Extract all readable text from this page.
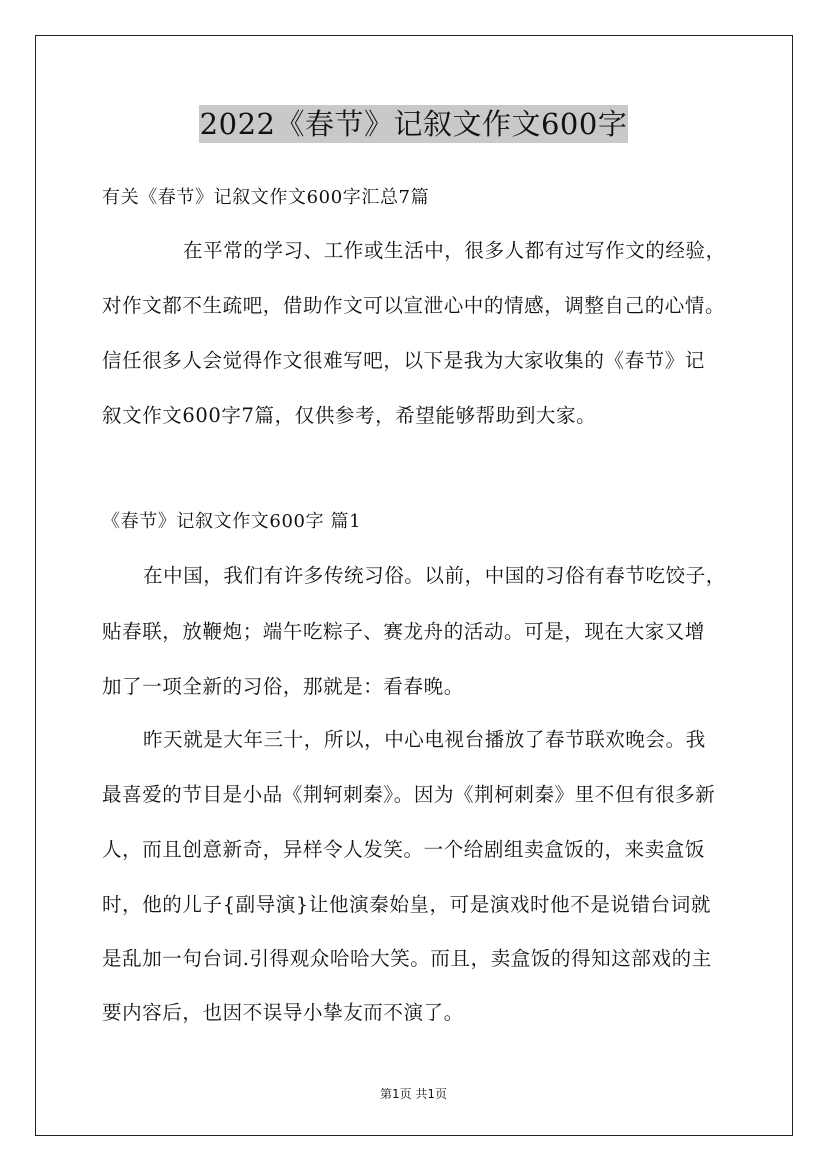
2022《春节》记叙文作文600字
有关《春节》记叙文作文600字汇总7篇
在平常的学习、工作或生活中，很多人都有过写作文的经验，
对作文都不生疏吧，借助作文可以宣泄心中的情感，调整自己的心情。
信任很多人会觉得作文很难写吧，以下是我为大家收集的《春节》记
叙文作文600字7篇，仅供参考，希望能够帮助到大家。
《春节》记叙文作文600字 篇1
在中国，我们有许多传统习俗。以前，中国的习俗有春节吃饺子，
贴春联，放鞭炮；端午吃粽子、赛龙舟的活动。可是，现在大家又增
加了一项全新的习俗，那就是：看春晚。
昨天就是大年三十，所以，中心电视台播放了春节联欢晚会。我
最喜爱的节目是小品《荆轲刺秦》。因为《荆柯刺秦》里不但有很多新
人，而且创意新奇，异样令人发笑。一个给剧组卖盒饭的，来卖盒饭
时，他的儿子{副导演}让他演秦始皇，可是演戏时他不是说错台词就
是乱加一句台词.引得观众哈哈大笑。而且，卖盒饭的得知这部戏的主
要内容后，也因不误导小挚友而不演了。
第1页 共1页
